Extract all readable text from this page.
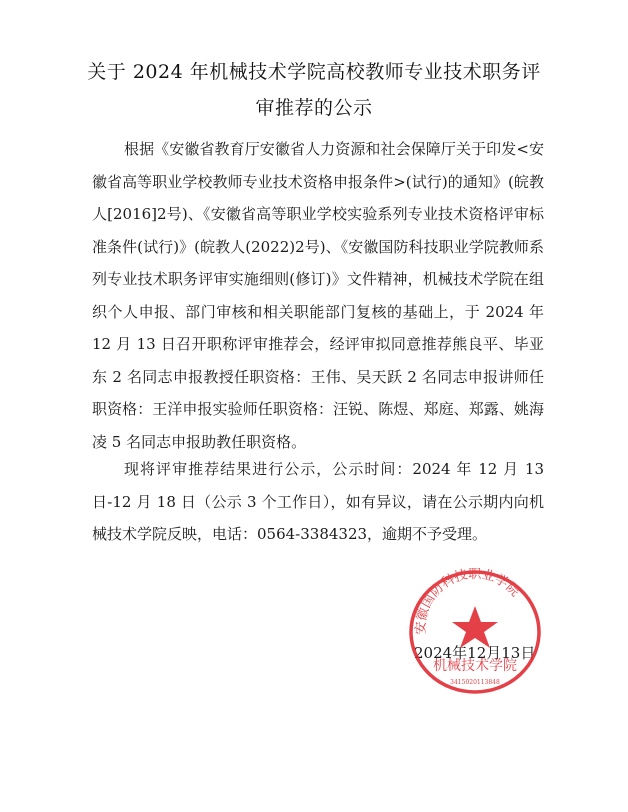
关于 2024 年机械技术学院高校教师专业技术职务评
审推荐的公示
根据《安徽省教育厅安徽省人力资源和社会保障厅关于印发<安徽省高等职业学校教师专业技术资格申报条件>(试行)的通知》(皖教人[2016]2号)、《安徽省高等职业学校实验系列专业技术资格评审标准条件(试行)》(皖教人(2022)2号)、《安徽国防科技职业学院教师系列专业技术职务评审实施细则(修订)》文件精神，机械技术学院在组织个人申报、部门审核和相关职能部门复核的基础上，于 2024 年 12 月 13 日召开职称评审推荐会，经评审拟同意推荐熊良平、毕亚东 2 名同志申报教授任职资格：王伟、吴天跃 2 名同志申报讲师任职资格：王洋申报实验师任职资格：汪锐、陈煜、郑庭、郑露、姚海凌 5 名同志申报助教任职资格。
现将评审推荐结果进行公示，公示时间：2024 年 12 月 13 日-12 月 18 日（公示 3 个工作日），如有异议，请在公示期内向机械技术学院反映，电话：0564-3384323，逾期不予受理。
2024年12月13日
安徽国防科技职业学院
机械技术学院
3415020113848
